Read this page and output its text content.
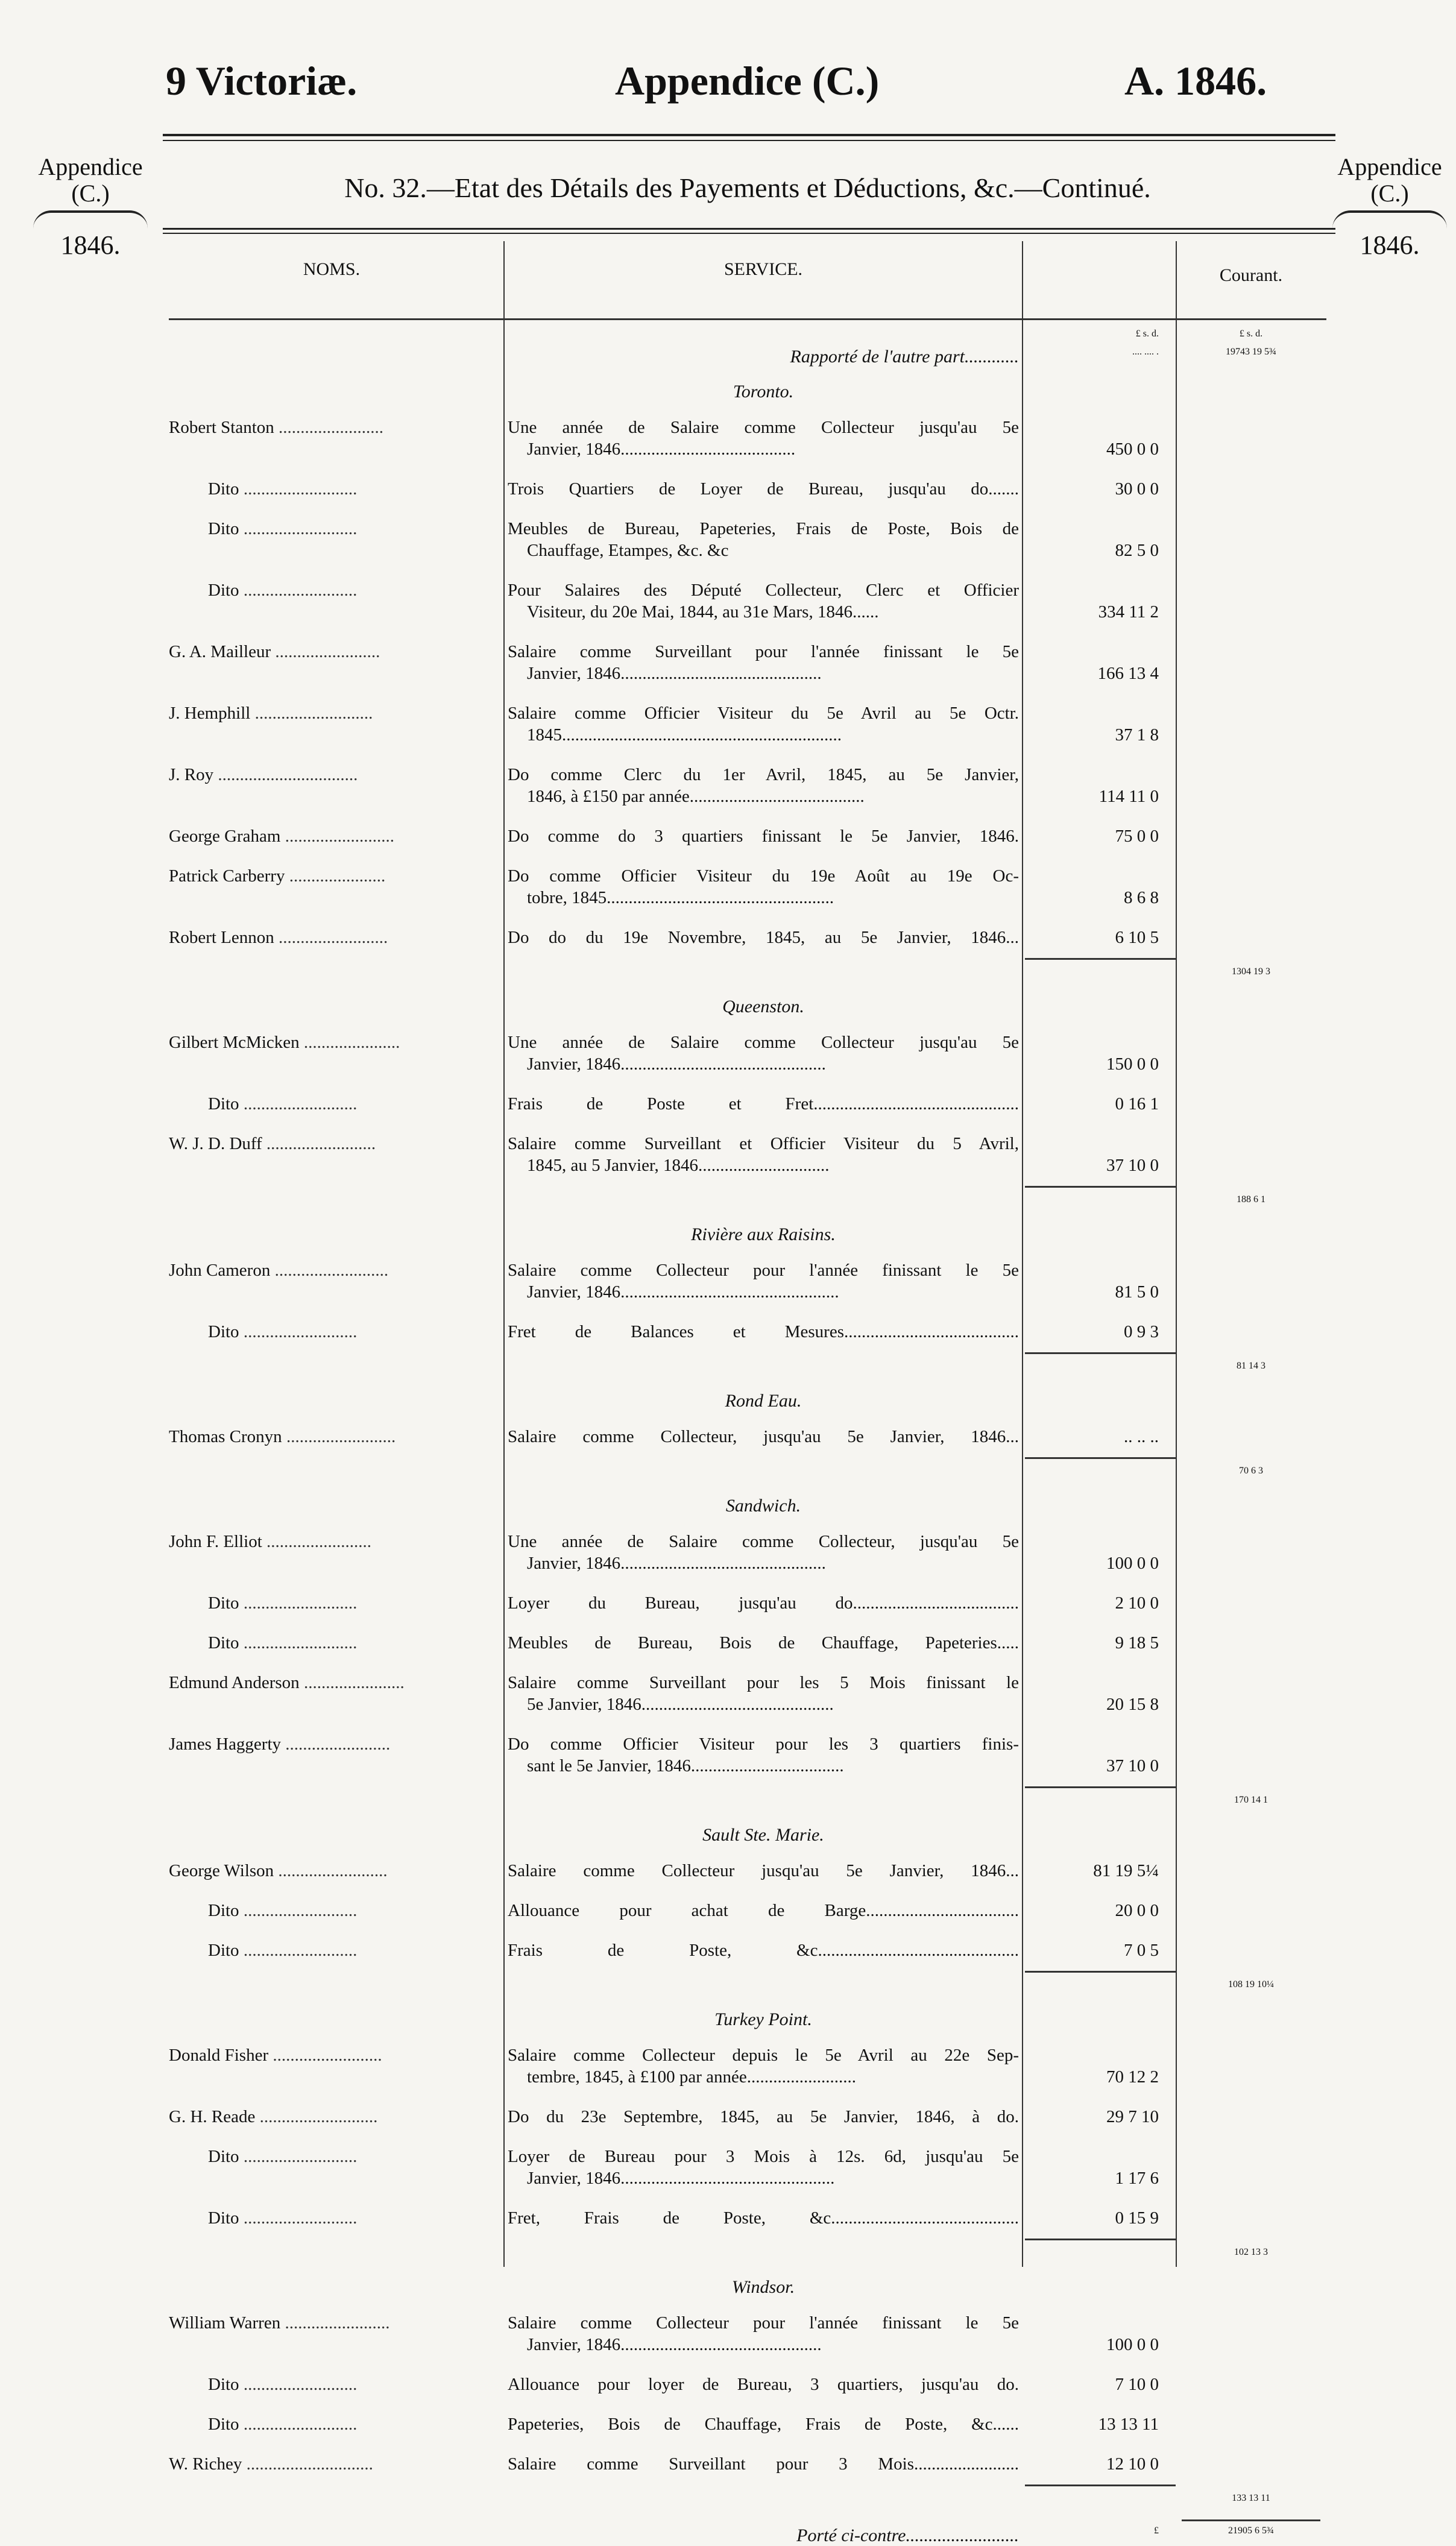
9 Victoriæ.	Appendice (C.)	A. 1846.
Appendice
(C.)
1846.
Appendice
(C.)
1846.
No. 32.—Etat des Détails des Payements et Déductions, &c.—Continué.
NOMS.	SERVICE.	Courant.
£ s. d.	£ s. d.
Rapporté de l'autre part............	.... .... .	19743 19 5¾
Toronto.
Robert Stanton ........................	Une année de Salaire comme Collecteur jusqu'au 5e
Janvier, 1846........................................	450 0 0
Dito ..........................	Trois Quartiers de Loyer de Bureau, jusqu'au do.......	30 0 0
Dito ..........................	Meubles de Bureau, Papeteries, Frais de Poste, Bois de
Chauffage, Etampes, &c. &c	82 5 0
Dito ..........................	Pour Salaires des Député Collecteur, Clerc et Officier
Visiteur, du 20e Mai, 1844, au 31e Mars, 1846......	334 11 2
G. A. Mailleur ........................	Salaire comme Surveillant pour l'année finissant le 5e
Janvier, 1846..............................................	166 13 4
J. Hemphill ...........................	Salaire comme Officier Visiteur du 5e Avril au 5e Octr.
1845................................................................	37 1 8
J. Roy ................................	Do comme Clerc du 1er Avril, 1845, au 5e Janvier,
1846, à £150 par année........................................	114 11 0
George Graham .........................	Do comme do 3 quartiers finissant le 5e Janvier, 1846.	75 0 0
Patrick Carberry ......................	Do comme Officier Visiteur du 19e Août au 19e Oc-
tobre, 1845....................................................	8 6 8
Robert Lennon .........................	Do do du 19e Novembre, 1845, au 5e Janvier, 1846...	6 10 5
1304 19 3
Queenston.
Gilbert McMicken ......................	Une année de Salaire comme Collecteur jusqu'au 5e
Janvier, 1846...............................................	150 0 0
Dito ..........................	Frais de Poste et Fret...............................................	0 16 1
W. J. D. Duff .........................	Salaire comme Surveillant et Officier Visiteur du 5 Avril,
1845, au 5 Janvier, 1846..............................	37 10 0
188 6 1
Rivière aux Raisins.
John Cameron ..........................	Salaire comme Collecteur pour l'année finissant le 5e
Janvier, 1846..................................................	81 5 0
Dito ..........................	Fret de Balances et Mesures........................................	0 9 3
81 14 3
Rond Eau.
Thomas Cronyn .........................	Salaire comme Collecteur, jusqu'au 5e Janvier, 1846...	.. .. ..
70 6 3
Sandwich.
John F. Elliot ........................	Une année de Salaire comme Collecteur, jusqu'au 5e
Janvier, 1846...............................................	100 0 0
Dito ..........................	Loyer du Bureau, jusqu'au do......................................	2 10 0
Dito ..........................	Meubles de Bureau, Bois de Chauffage, Papeteries.....	9 18 5
Edmund Anderson .......................	Salaire comme Surveillant pour les 5 Mois finissant le
5e Janvier, 1846............................................	20 15 8
James Haggerty ........................	Do comme Officier Visiteur pour les 3 quartiers finis-
sant le 5e Janvier, 1846...................................	37 10 0
170 14 1
Sault Ste. Marie.
George Wilson .........................	Salaire comme Collecteur jusqu'au 5e Janvier, 1846...	81 19 5¼
Dito ..........................	Allouance pour achat de Barge...................................	20 0 0
Dito ..........................	Frais de Poste, &c..............................................	7 0 5
108 19 10¼
Turkey Point.
Donald Fisher .........................	Salaire comme Collecteur depuis le 5e Avril au 22e Sep-
tembre, 1845, à £100 par année.........................	70 12 2
G. H. Reade ...........................	Do du 23e Septembre, 1845, au 5e Janvier, 1846, à do.	29 7 10
Dito ..........................	Loyer de Bureau pour 3 Mois à 12s. 6d, jusqu'au 5e
Janvier, 1846.................................................	1 17 6
Dito ..........................	Fret, Frais de Poste, &c...........................................	0 15 9
102 13 3
Windsor.
William Warren ........................	Salaire comme Collecteur pour l'année finissant le 5e
Janvier, 1846..............................................	100 0 0
Dito ..........................	Allouance pour loyer de Bureau, 3 quartiers, jusqu'au do.	7 10 0
Dito ..........................	Papeteries, Bois de Chauffage, Frais de Poste, &c......	13 13 11
W. Richey .............................	Salaire comme Surveillant pour 3 Mois........................	12 10 0
133 13 11
Porté ci-contre.........................	£	21905 6 5¾
